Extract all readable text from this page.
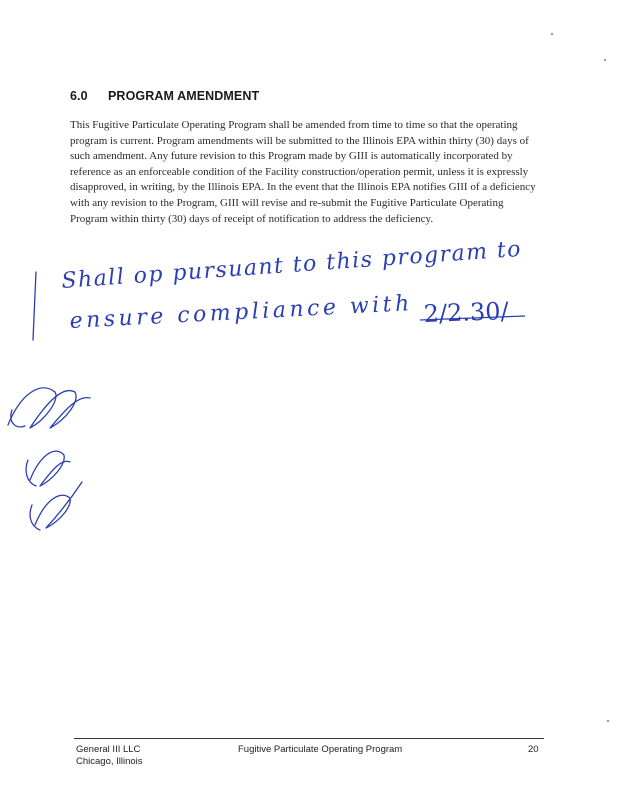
6.0 PROGRAM AMENDMENT
This Fugitive Particulate Operating Program shall be amended from time to time so that the operating program is current. Program amendments will be submitted to the Illinois EPA within thirty (30) days of such amendment. Any future revision to this Program made by GIII is automatically incorporated by reference as an enforceable condition of the Facility construction/operation permit, unless it is expressly disapproved, in writing, by the Illinois EPA. In the event that the Illinois EPA notifies GIII of a deficiency with any revision to the Program, GIII will revise and re-submit the Fugitive Particulate Operating Program within thirty (30) days of receipt of notification to address the deficiency.
Shall op pursuant to this program to
ensure compliance with 2/2.30/
General III LLC
Chicago, Illinois
Fugitive Particulate Operating Program	20
